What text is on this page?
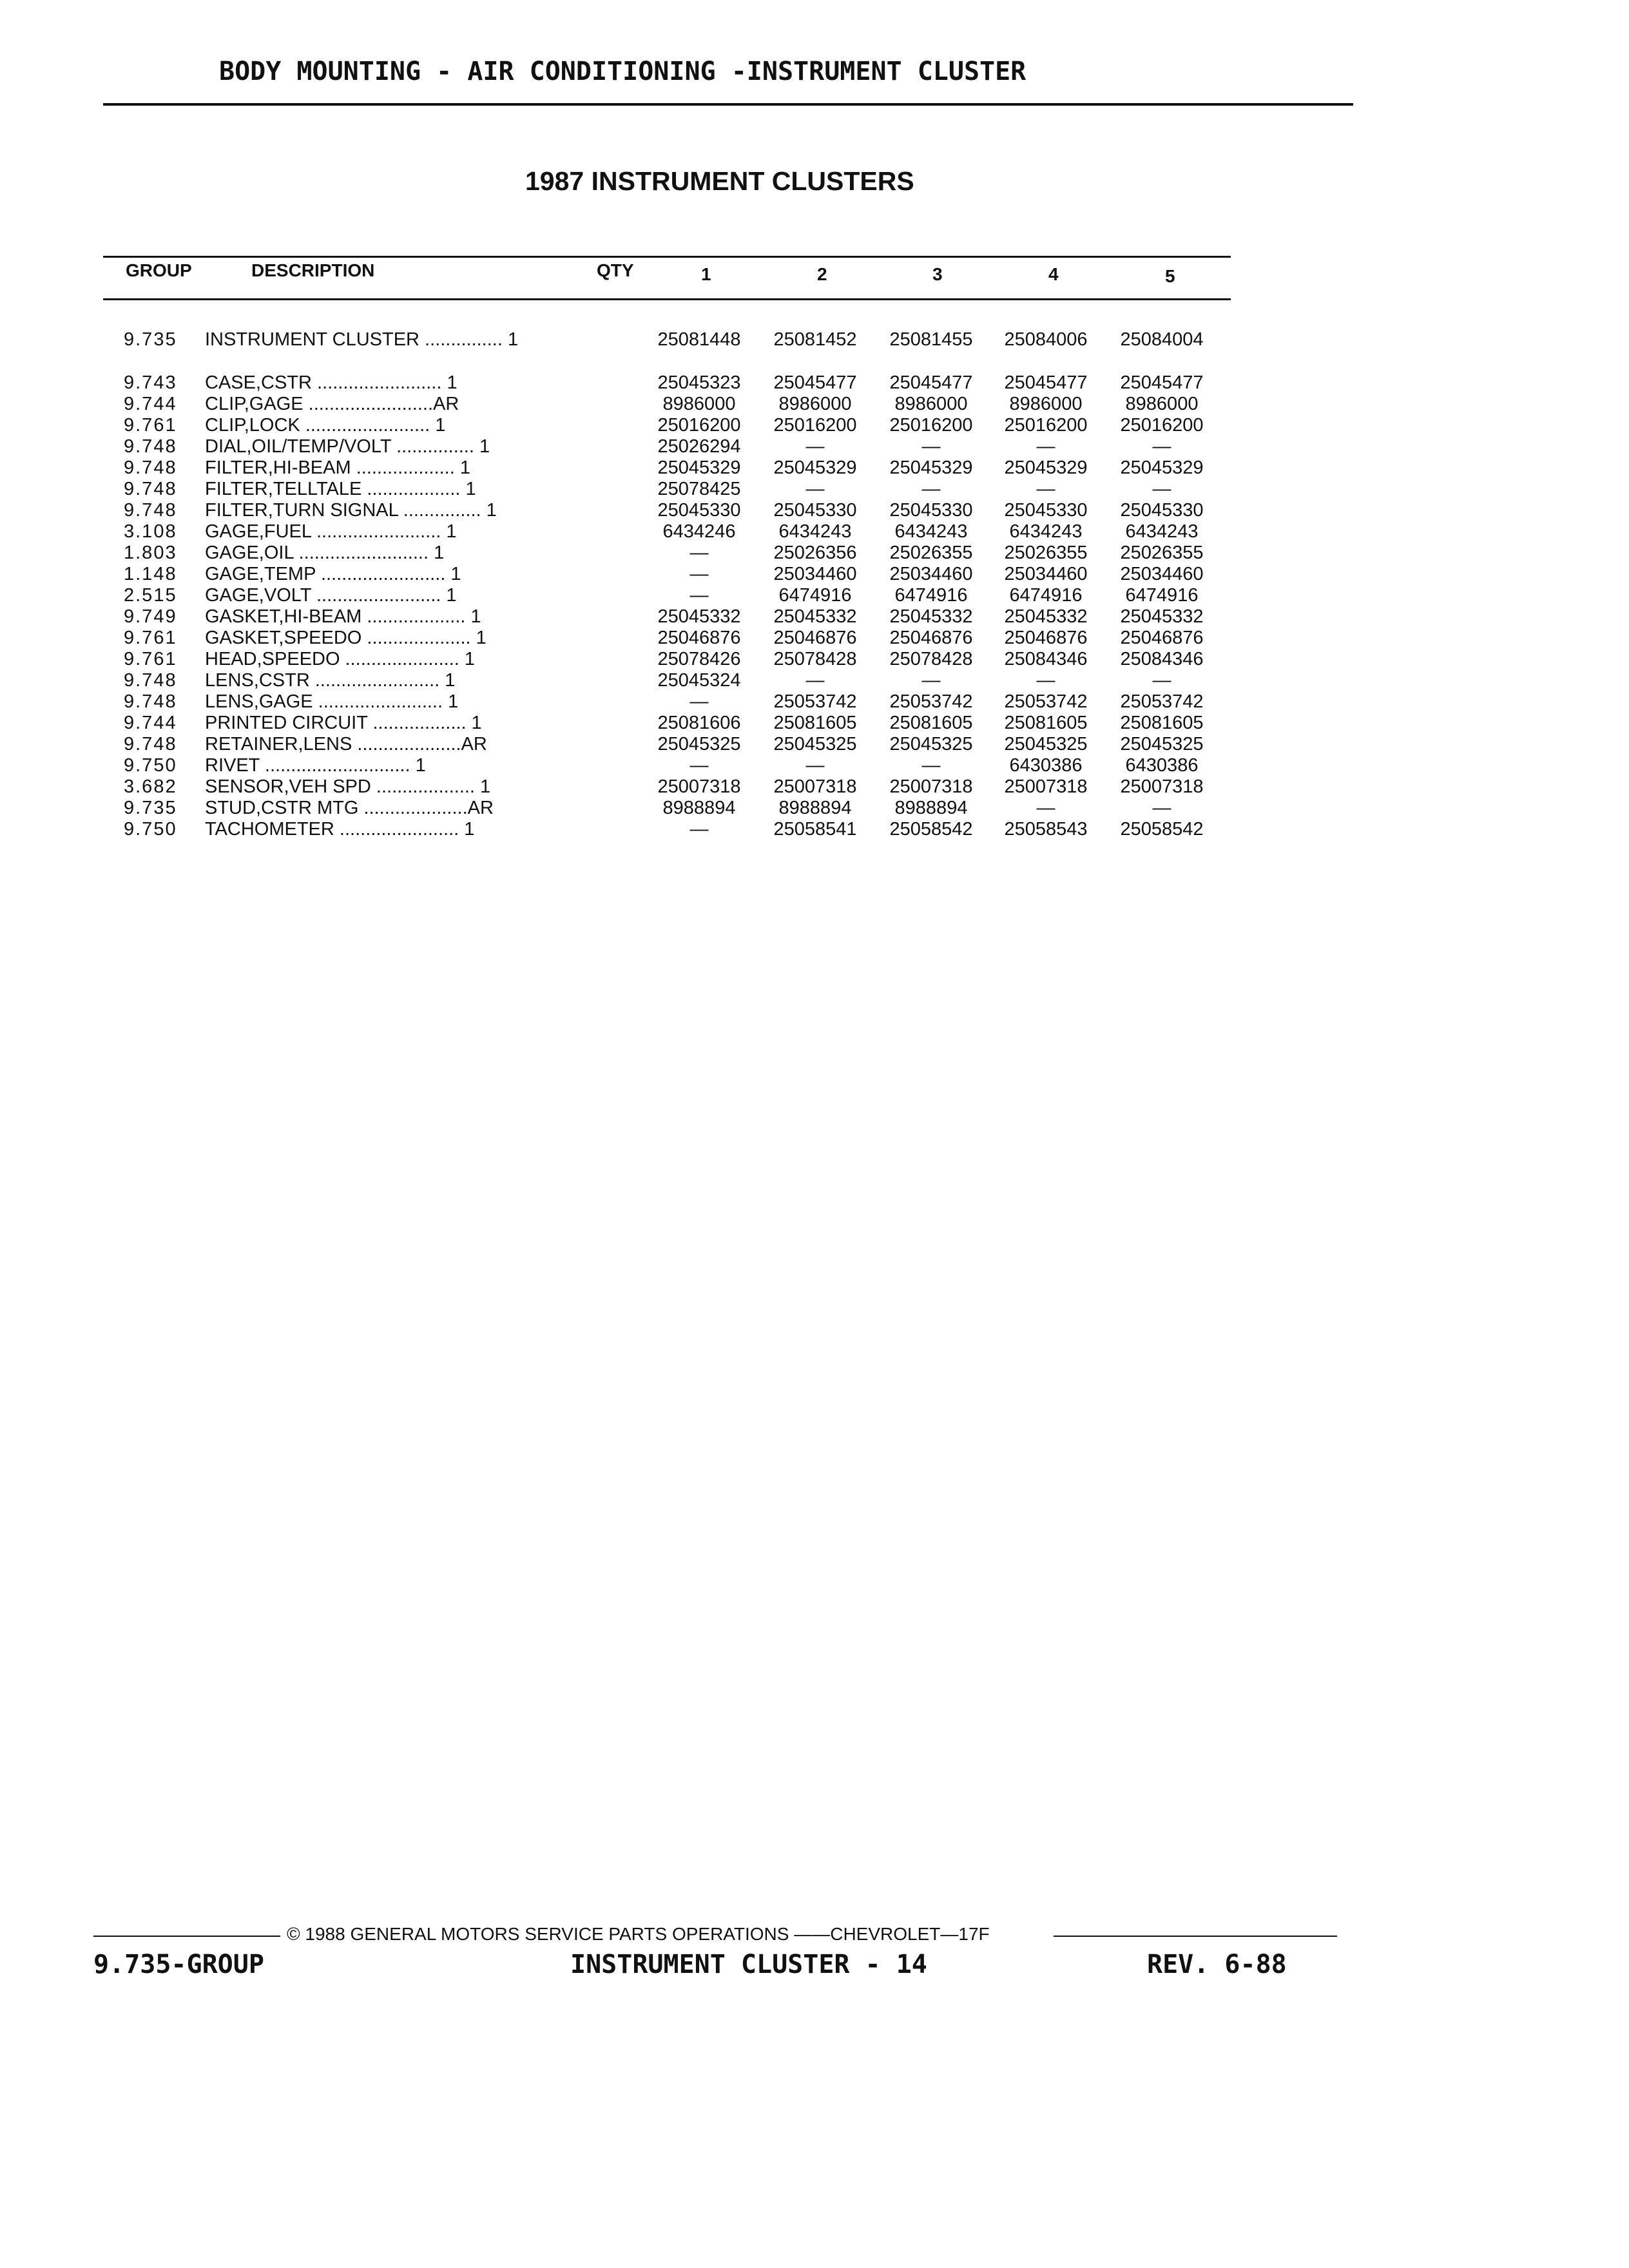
BODY MOUNTING - AIR CONDITIONING -INSTRUMENT CLUSTER
1987 INSTRUMENT CLUSTERS
GROUP	DESCRIPTION	QTY	1	2	3	4	5
9.735 INSTRUMENT CLUSTER ............... 1	25081448	25081452	25081455	25084006	25084004
9.743 CASE,CSTR ........................ 1	25045323	25045477	25045477	25045477	25045477
9.744 CLIP,GAGE ........................AR	8986000	8986000	8986000	8986000	8986000
9.761 CLIP,LOCK ........................ 1	25016200	25016200	25016200	25016200	25016200
9.748 DIAL,OIL/TEMP/VOLT ............... 1	25026294	—	—	—	—
9.748 FILTER,HI-BEAM ................... 1	25045329	25045329	25045329	25045329	25045329
9.748 FILTER,TELLTALE .................. 1	25078425	—	—	—	—
9.748 FILTER,TURN SIGNAL ............... 1	25045330	25045330	25045330	25045330	25045330
3.108 GAGE,FUEL ........................ 1	6434246	6434243	6434243	6434243	6434243
1.803 GAGE,OIL ......................... 1	—	25026356	25026355	25026355	25026355
1.148 GAGE,TEMP ........................ 1	—	25034460	25034460	25034460	25034460
2.515 GAGE,VOLT ........................ 1	—	6474916	6474916	6474916	6474916
9.749 GASKET,HI-BEAM ................... 1	25045332	25045332	25045332	25045332	25045332
9.761 GASKET,SPEEDO .................... 1	25046876	25046876	25046876	25046876	25046876
9.761 HEAD,SPEEDO ...................... 1	25078426	25078428	25078428	25084346	25084346
9.748 LENS,CSTR ........................ 1	25045324	—	—	—	—
9.748 LENS,GAGE ........................ 1	—	25053742	25053742	25053742	25053742
9.744 PRINTED CIRCUIT .................. 1	25081606	25081605	25081605	25081605	25081605
9.748 RETAINER,LENS ....................AR	25045325	25045325	25045325	25045325	25045325
9.750 RIVET ............................ 1	—	—	—	6430386	6430386
3.682 SENSOR,VEH SPD ................... 1	25007318	25007318	25007318	25007318	25007318
9.735 STUD,CSTR MTG ....................AR	8988894	8988894	8988894	—	—
9.750 TACHOMETER ....................... 1	—	25058541	25058542	25058543	25058542
© 1988 GENERAL MOTORS SERVICE PARTS OPERATIONS ——CHEVROLET—17F
9.735-GROUP	INSTRUMENT CLUSTER - 14	REV. 6-88
